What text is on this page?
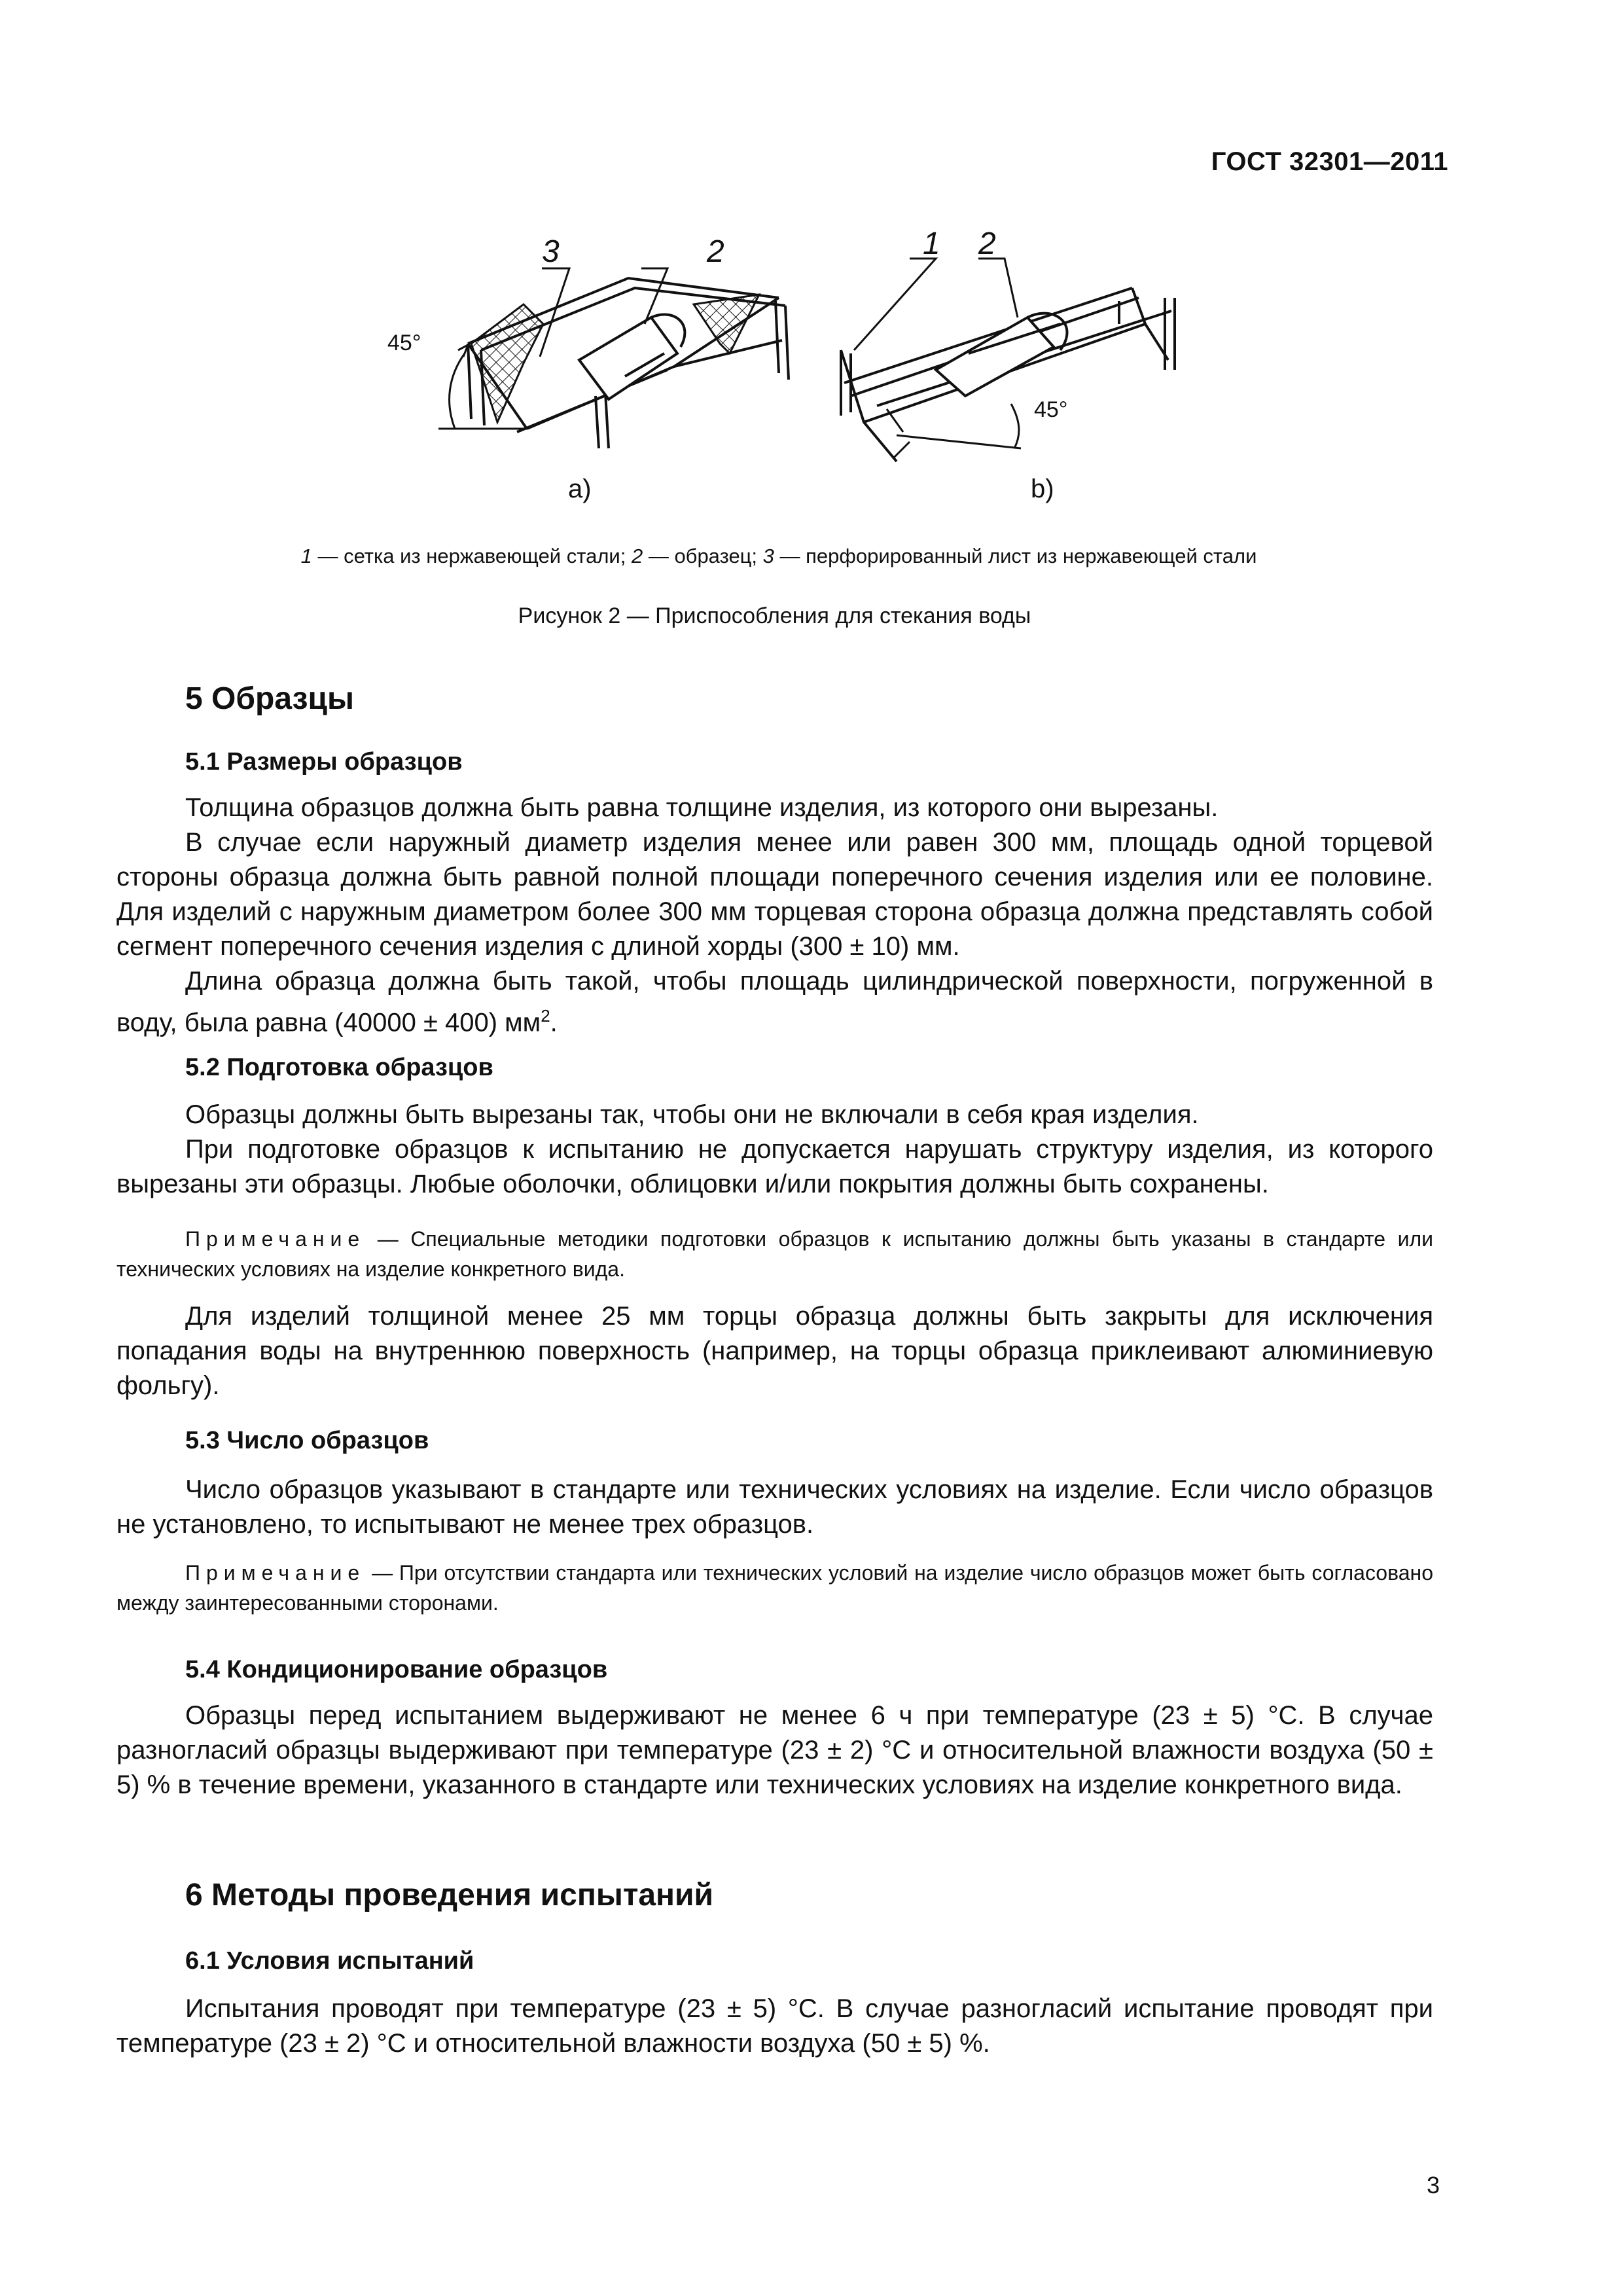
ГОСТ 32301—2011
3	2
45°
1 2
45°
a)	b)
1 — сетка из нержавеющей стали; 2 — образец; 3 — перфорированный лист из нержавеющей стали
Рисунок 2 — Приспособления для стекания воды
5 Образцы
5.1 Размеры образцов

Толщина образцов должна быть равна толщине изделия, из которого они вырезаны.

В случае если наружный диаметр изделия менее или равен 300 мм, площадь одной торцевой стороны образца должна быть равной полной площади поперечного сечения изделия или ее половине. Для изделий с наружным диаметром более 300 мм торцевая сторона образца должна представлять собой сегмент поперечного сечения изделия с длиной хорды (300 ± 10) мм.

Длина образца должна быть такой, чтобы площадь цилиндрической поверхности, погруженной в воду, была равна (40000 ± 400) $мм^2$.

5.2 Подготовка образцов

Образцы должны быть вырезаны так, чтобы они не включали в себя края изделия.

При подготовке образцов к испытанию не допускается нарушать структуру изделия, из которого вырезаны эти образцы. Любые оболочки, облицовки и/или покрытия должны быть сохранены.

Примечание — Специальные методики подготовки образцов к испытанию должны быть указаны в стандарте или технических условиях на изделие конкретного вида.

Для изделий толщиной менее 25 мм торцы образца должны быть закрыты для исключения попадания воды на внутреннюю поверхность (например, на торцы образца приклеивают алюминиевую фольгу).

5.3 Число образцов

Число образцов указывают в стандарте или технических условиях на изделие. Если число образцов не установлено, то испытывают не менее трех образцов.

Примечание — При отсутствии стандарта или технических условий на изделие число образцов может быть согласовано между заинтересованными сторонами.
5.4 Кондиционирование образцов

Образцы перед испытанием выдерживают не менее 6 ч при температуре (23 ± 5) °С. В случае разногласий образцы выдерживают при температуре (23 ± 2) °С и относительной влажности воздуха (50 ± 5) % в течение времени, указанного в стандарте или технических условиях на изделие конкретного вида.

6 Методы проведения испытаний
6.1 Условия испытаний

Испытания проводят при температуре (23 ± 5) °С. В случае разногласий испытание проводят при температуре (23 ± 2) °С и относительной влажности воздуха (50 ± 5) %.

3
